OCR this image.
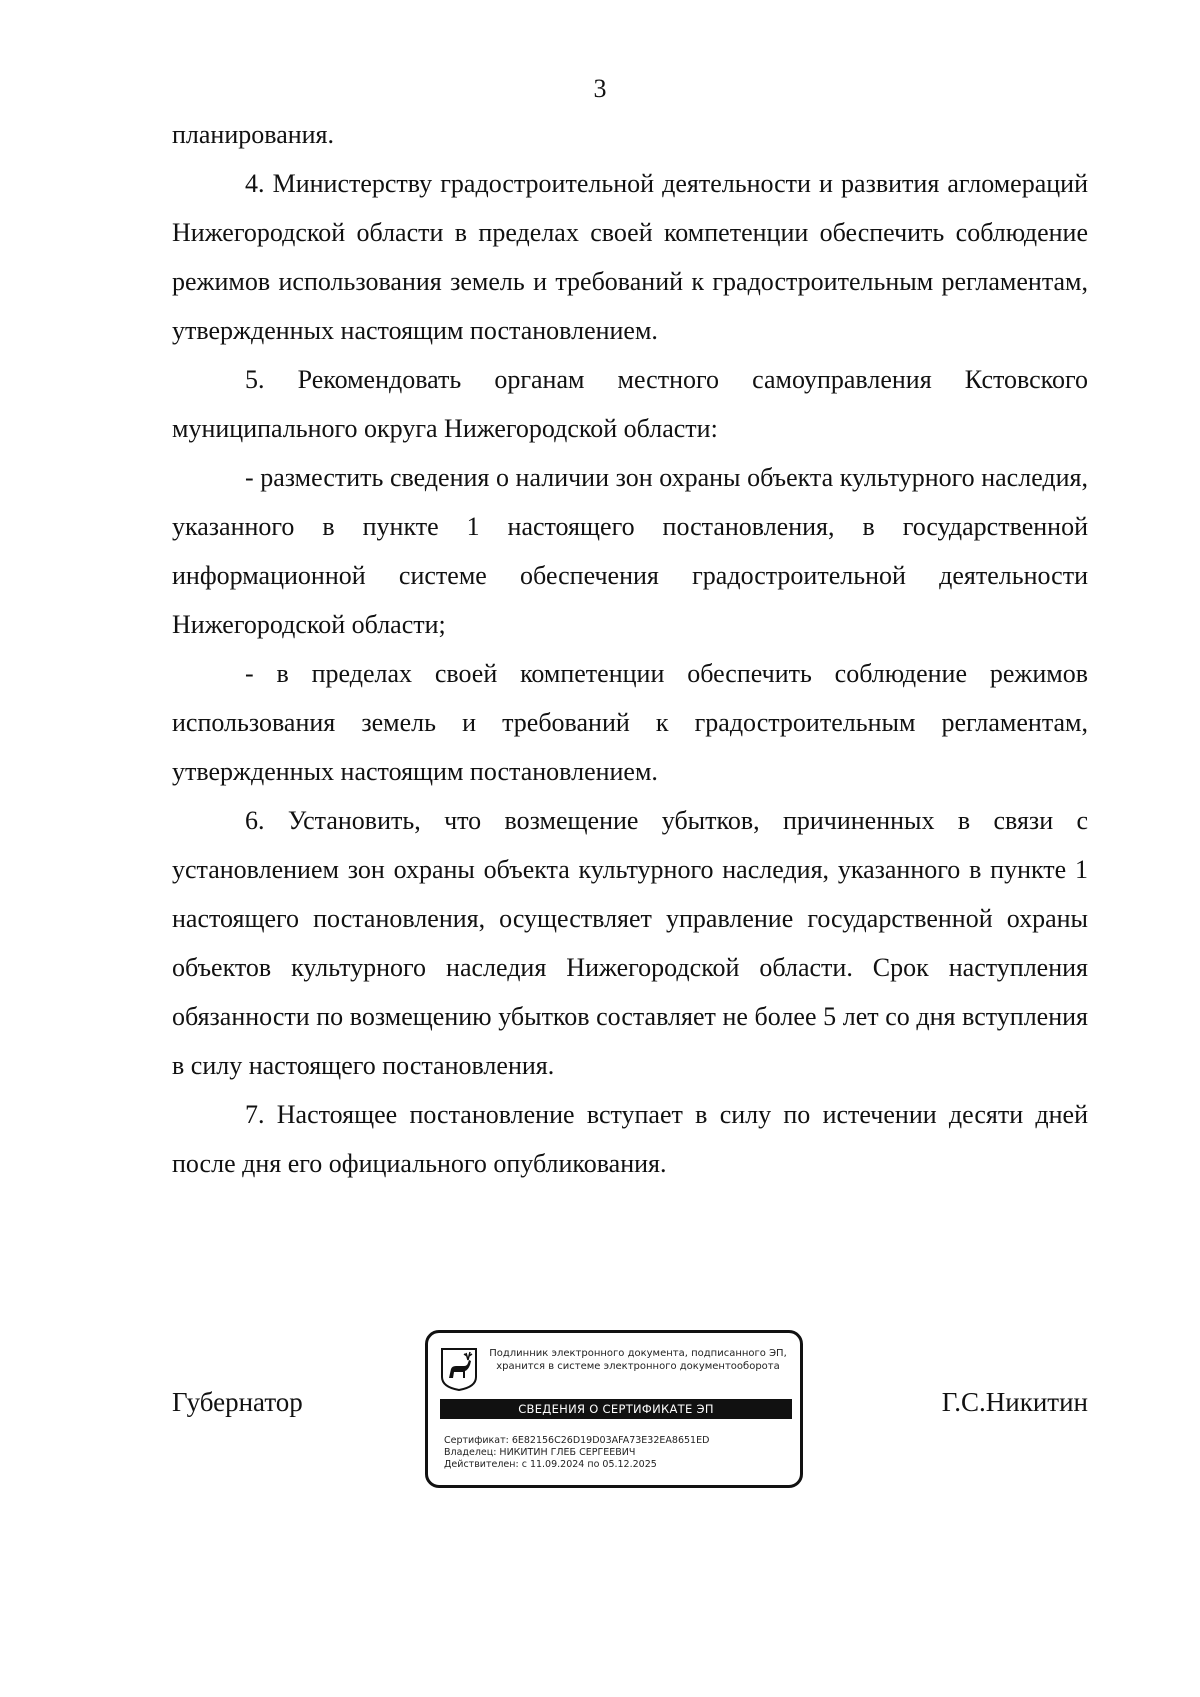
3

планирования.

4. Министерству градостроительной деятельности и развития агломераций Нижегородской области в пределах своей компетенции обеспечить соблюдение режимов использования земель и требований к градостроительным регламентам, утвержденных настоящим постановлением.

5. Рекомендовать органам местного самоуправления Кстовского муниципального округа Нижегородской области:

- разместить сведения о наличии зон охраны объекта культурного наследия, указанного в пункте 1 настоящего постановления, в государственной информационной системе обеспечения градостроительной деятельности Нижегородской области;

- в пределах своей компетенции обеспечить соблюдение режимов использования земель и требований к градостроительным регламентам, утвержденных настоящим постановлением.

6. Установить, что возмещение убытков, причиненных в связи с установлением зон охраны объекта культурного наследия, указанного в пункте 1 настоящего постановления, осуществляет управление государственной охраны объектов культурного наследия Нижегородской области. Срок наступления обязанности по возмещению убытков составляет не более 5 лет со дня вступления в силу настоящего постановления.

7. Настоящее постановление вступает в силу по истечении десяти дней после дня его официального опубликования.

Губернатор
Подлинник электронного документа, подписанного ЭП,
хранится в системе электронного документооборота
СВЕДЕНИЯ О СЕРТИФИКАТЕ ЭП
Сертификат: 6E82156C26D19D03AFA73E32EA8651ED
Владелец: НИКИТИН ГЛЕБ СЕРГЕЕВИЧ
Действителен: с 11.09.2024 по 05.12.2025
Г.С.Никитин
